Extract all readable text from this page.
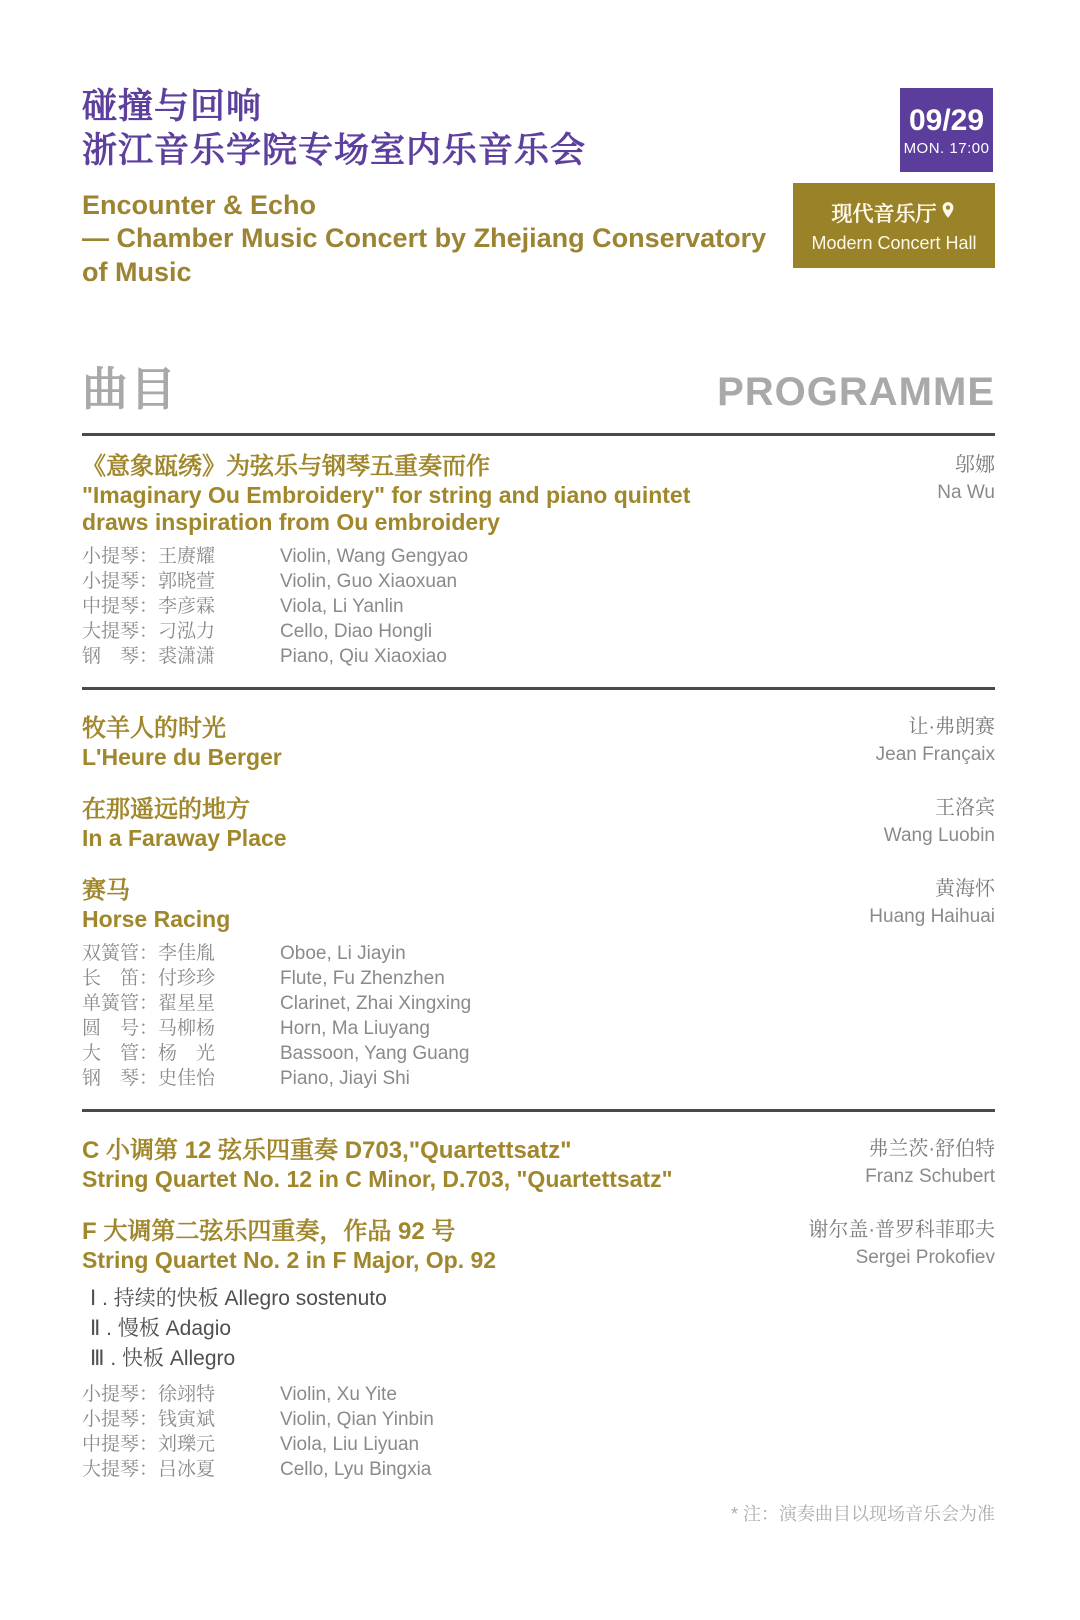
碰撞与回响
浙江音乐学院专场室内乐音乐会
Encounter & Echo
— Chamber Music Concert by Zhejiang Conservatory
of Music
09/29
MON. 17:00
现代音乐厅
Modern Concert Hall
曲目	PROGRAMME
《意象瓯绣》为弦乐与钢琴五重奏而作
"Imaginary Ou Embroidery" for string and piano quintet
draws inspiration from Ou embroidery
邬娜
Na Wu
小提琴：王赓耀	Violin, Wang Gengyao
小提琴：郭晓萱	Violin, Guo Xiaoxuan
中提琴：李彦霖	Viola, Li Yanlin
大提琴：刁泓力	Cello, Diao Hongli
钢　琴：裘潇潇	Piano, Qiu Xiaoxiao
牧羊人的时光
L'Heure du Berger
让·弗朗赛
Jean Françaix
在那遥远的地方
In a Faraway Place
王洛宾
Wang Luobin
赛马
Horse Racing
黄海怀
Huang Haihuai
双簧管：李佳胤	Oboe, Li Jiayin
长　笛：付珍珍	Flute, Fu Zhenzhen
单簧管：翟星星	Clarinet, Zhai Xingxing
圆　号：马柳杨	Horn, Ma Liuyang
大　管：杨　光	Bassoon, Yang Guang
钢　琴：史佳怡	Piano, Jiayi Shi
C 小调第 12 弦乐四重奏 D703,"Quartettsatz"
String Quartet No. 12 in C Minor, D.703, "Quartettsatz"
弗兰茨·舒伯特
Franz Schubert
F 大调第二弦乐四重奏，作品 92 号
String Quartet No. 2 in F Major, Op. 92
谢尔盖·普罗科菲耶夫
Sergei Prokofiev
Ⅰ . 持续的快板 Allegro sostenuto
Ⅱ . 慢板 Adagio
Ⅲ . 快板 Allegro
小提琴：徐翊特	Violin, Xu Yite
小提琴：钱寅斌	Violin, Qian Yinbin
中提琴：刘瓅元	Viola, Liu Liyuan
大提琴：吕冰夏	Cello, Lyu Bingxia
* 注：演奏曲目以现场音乐会为准
